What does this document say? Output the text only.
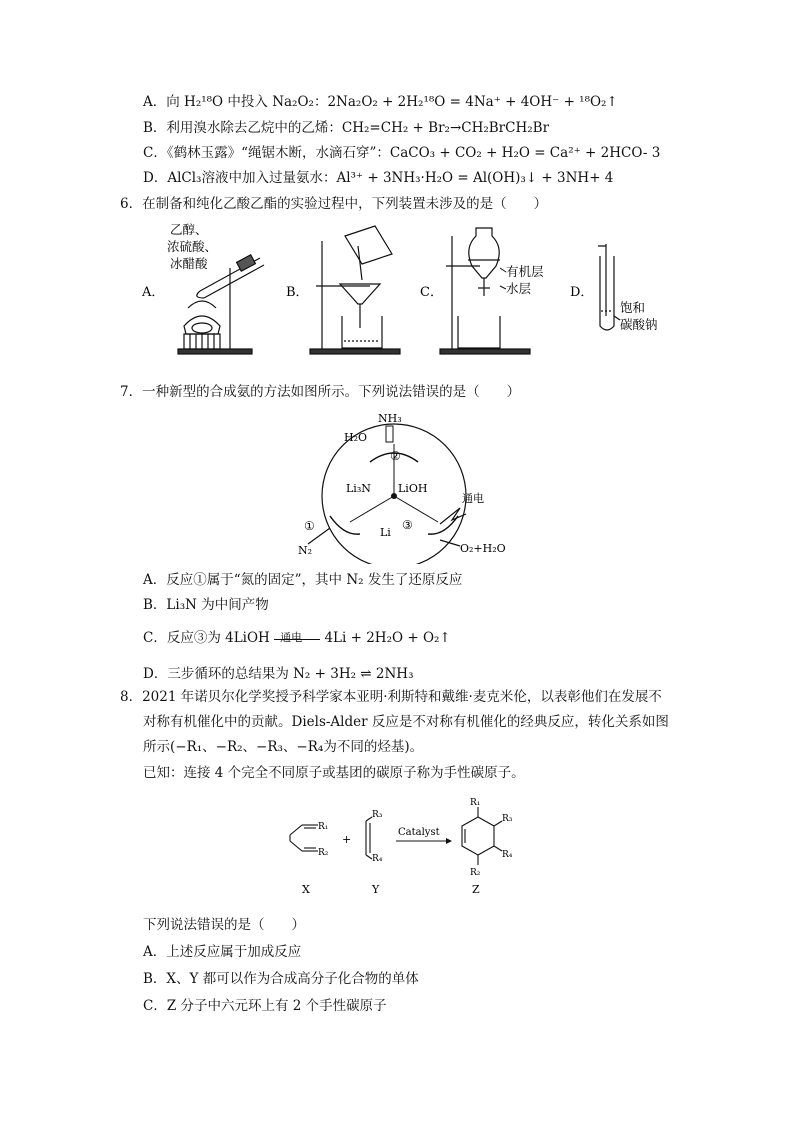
A．向 H₂¹⁸O 中投入 Na₂O₂：2Na₂O₂ + 2H₂¹⁸O = 4Na⁺ + 4OH⁻ + ¹⁸O₂↑
B．利用溴水除去乙烷中的乙烯：CH₂=CH₂ + Br₂→CH₂BrCH₂Br
C．《鹤林玉露》“绳锯木断，水滴石穿”：CaCO₃ + CO₂ + H₂O = Ca²⁺ + 2HCO- 3
D．AlCl₃溶液中加入过量氨水：Al³⁺ + 3NH₃·H₂O = Al(OH)₃↓ + 3NH+ 4
6．在制备和纯化乙酸乙酯的实验过程中，下列装置未涉及的是（　　）
A．
乙醇、
浓硫酸、
冰醋酸
B．	C．
有机层
水层	D．
饱和
碳酸钠
7．一种新型的合成氨的方法如图所示。下列说法错误的是（　　）
NH₃
H₂O
Li₃N LiOH
Li
①
②
③
N₂	O₂+H₂O
通电
A．反应①属于“氮的固定”，其中 N₂ 发生了还原反应
B．Li₃N 为中间产物
C．反应③为 4LiOH 通电 4Li + 2H₂O + O₂↑
D．三步循环的总结果为 N₂ + 3H₂ ⇌ 2NH₃
8．2021 年诺贝尔化学奖授予科学家本亚明·利斯特和戴维·麦克米伦，以表彰他们在发展不
对称有机催化中的贡献。Diels-Alder 反应是不对称有机催化的经典反应，转化关系如图
所示(−R₁、−R₂、−R₃、−R₄为不同的烃基)。
已知：连接 4 个完全不同原子或基团的碳原子称为手性碳原子。
R₁
R₂
+
R₃
R₄
Catalyst
R₁
R₃
R₄
R₂
X	Y	Z
下列说法错误的是（　　）
A．上述反应属于加成反应
B．X、Y 都可以作为合成高分子化合物的单体
C．Z 分子中六元环上有 2 个手性碳原子
